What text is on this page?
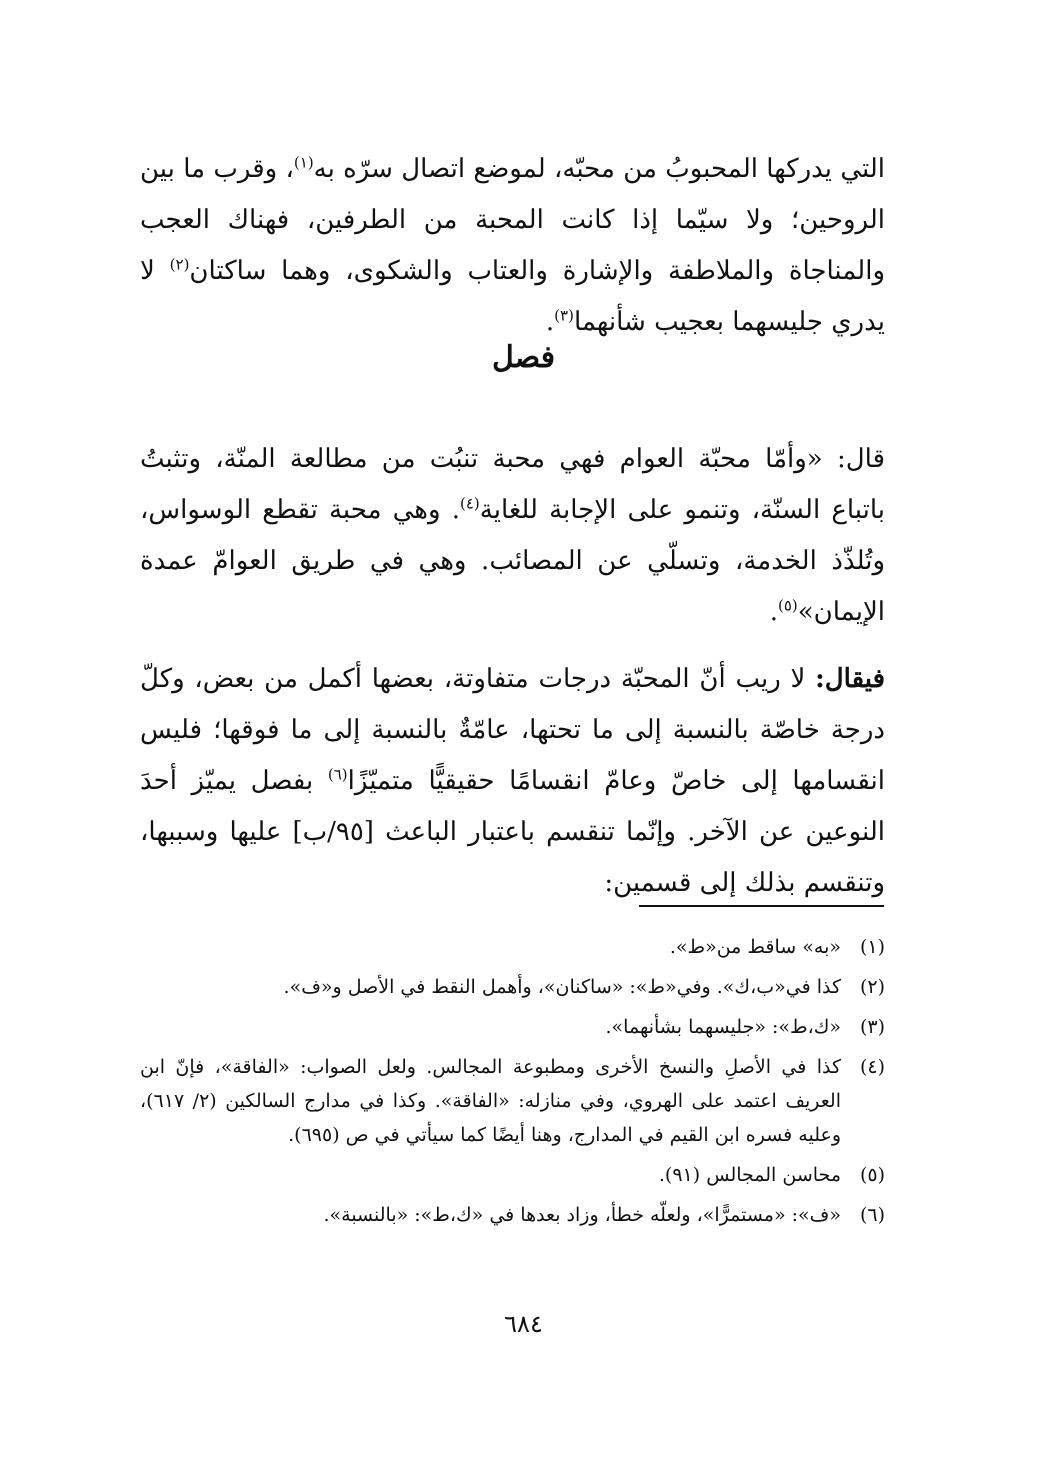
التي يدركها المحبوبُ من محبّه، لموضع اتصال سرّه به$^{(١)}$، وقرب ما بين الروحين؛ ولا سيّما إذا كانت المحبة من الطرفين، فهناك العجب والمناجاة والملاطفة والإشارة والعتاب والشكوى، وهما ساكتان$^{(٢)}$ لا يدري جليسهما بعجيب شأنهما$^{(٣)}$.

فصل

قال: «وأمّا محبّة العوام فهي محبة تنبُت من مطالعة المنّة، وتثبتُ باتباع السنّة، وتنمو على الإجابة للغاية$^{(٤)}$. وهي محبة تقطع الوسواس، وتُلذّذ الخدمة، وتسلّي عن المصائب. وهي في طريق العوامّ عمدة الإيمان»$^{(٥)}$.

فيقال: لا ريب أنّ المحبّة درجات متفاوتة، بعضها أكمل من بعض، وكلّ درجة خاصّة بالنسبة إلى ما تحتها، عامّةٌ بالنسبة إلى ما فوقها؛ فليس انقسامها إلى خاصّ وعامّ انقسامًا حقيقيًّا متميّزًا$^{(٦)}$ بفصل يميّز أحدَ النوعين عن الآخر. وإنّما تنقسم باعتبار الباعث [٩٥/ب] عليها وسببها، وتنقسم بذلك إلى قسمين:

(١)
«به» ساقط من«ط».
(٢)
كذا في«ب،ك». وفي«ط»: «ساكنان»، وأهمل النقط في الأصل و«ف».
(٣)
«ك،ط»: «جليسهما بشأنهما».
(٤)
كذا في الأصلِ والنسخ الأخرى ومطبوعة المجالس. ولعل الصواب: «الفاقة»، فإنّ ابن العريف اعتمد على الهروي، وفي منازله: «الفاقة». وكذا في مدارج السالكين (٢/ ٦١٧)، وعليه فسره ابن القيم في المدارج، وهنا أيضًا كما سيأتي في ص (٦٩٥).
(٥)
محاسن المجالس (٩١).
(٦)
«ف»: «مستمرًّا»، ولعلّه خطأ، وزاد بعدها في «ك،ط»: «بالنسبة».
٦٨٤
